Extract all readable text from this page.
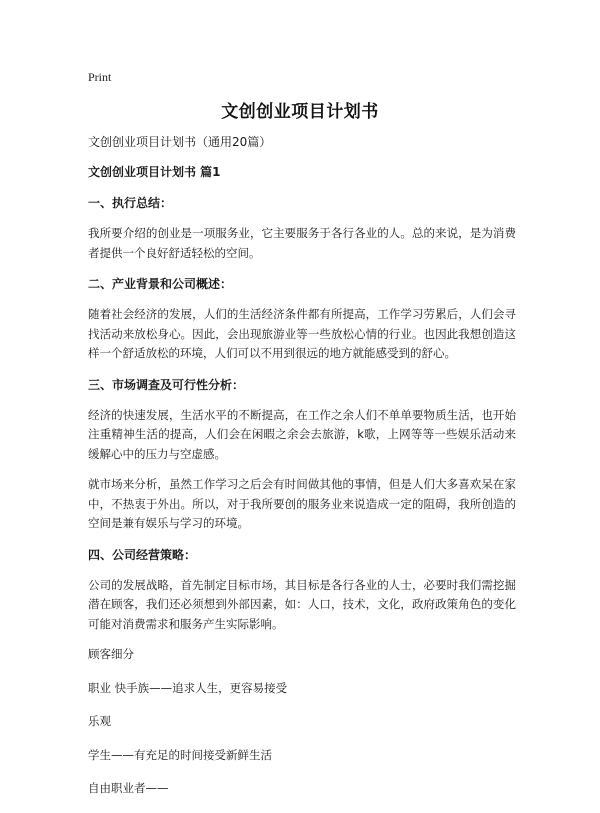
Print
文创创业项目计划书

文创创业项目计划书（通用20篇）

文创创业项目计划书 篇1

一、执行总结：

我所要介绍的创业是一项服务业，它主要服务于各行各业的人。总的来说，是为消费者提供一个良好舒适轻松的空间。

二、产业背景和公司概述：

随着社会经济的发展，人们的生活经济条件都有所提高，工作学习劳累后，人们会寻找活动来放松身心。因此，会出现旅游业等一些放松心情的行业。也因此我想创造这样一个舒适放松的环境，人们可以不用到很远的地方就能感受到的舒心。

三、市场调查及可行性分析：

经济的快速发展，生活水平的不断提高，在工作之余人们不单单要物质生活，也开始注重精神生活的提高，人们会在闲暇之余会去旅游，k歌，上网等等一些娱乐活动来缓解心中的压力与空虚感。

就市场来分析，虽然工作学习之后会有时间做其他的事情，但是人们大多喜欢呆在家中，不热衷于外出。所以，对于我所要创的服务业来说造成一定的阻碍，我所创造的空间是兼有娱乐与学习的环境。

四、公司经营策略：

公司的发展战略，首先制定目标市场，其目标是各行各业的人士，必要时我们需挖掘潜在顾客，我们还必须想到外部因素，如：人口，技术，文化，政府政策角色的变化可能对消费需求和服务产生实际影响。

顾客细分

职业 快手族——追求人生，更容易接受

乐观

学生——有充足的时间接受新鲜生活

自由职业者——
